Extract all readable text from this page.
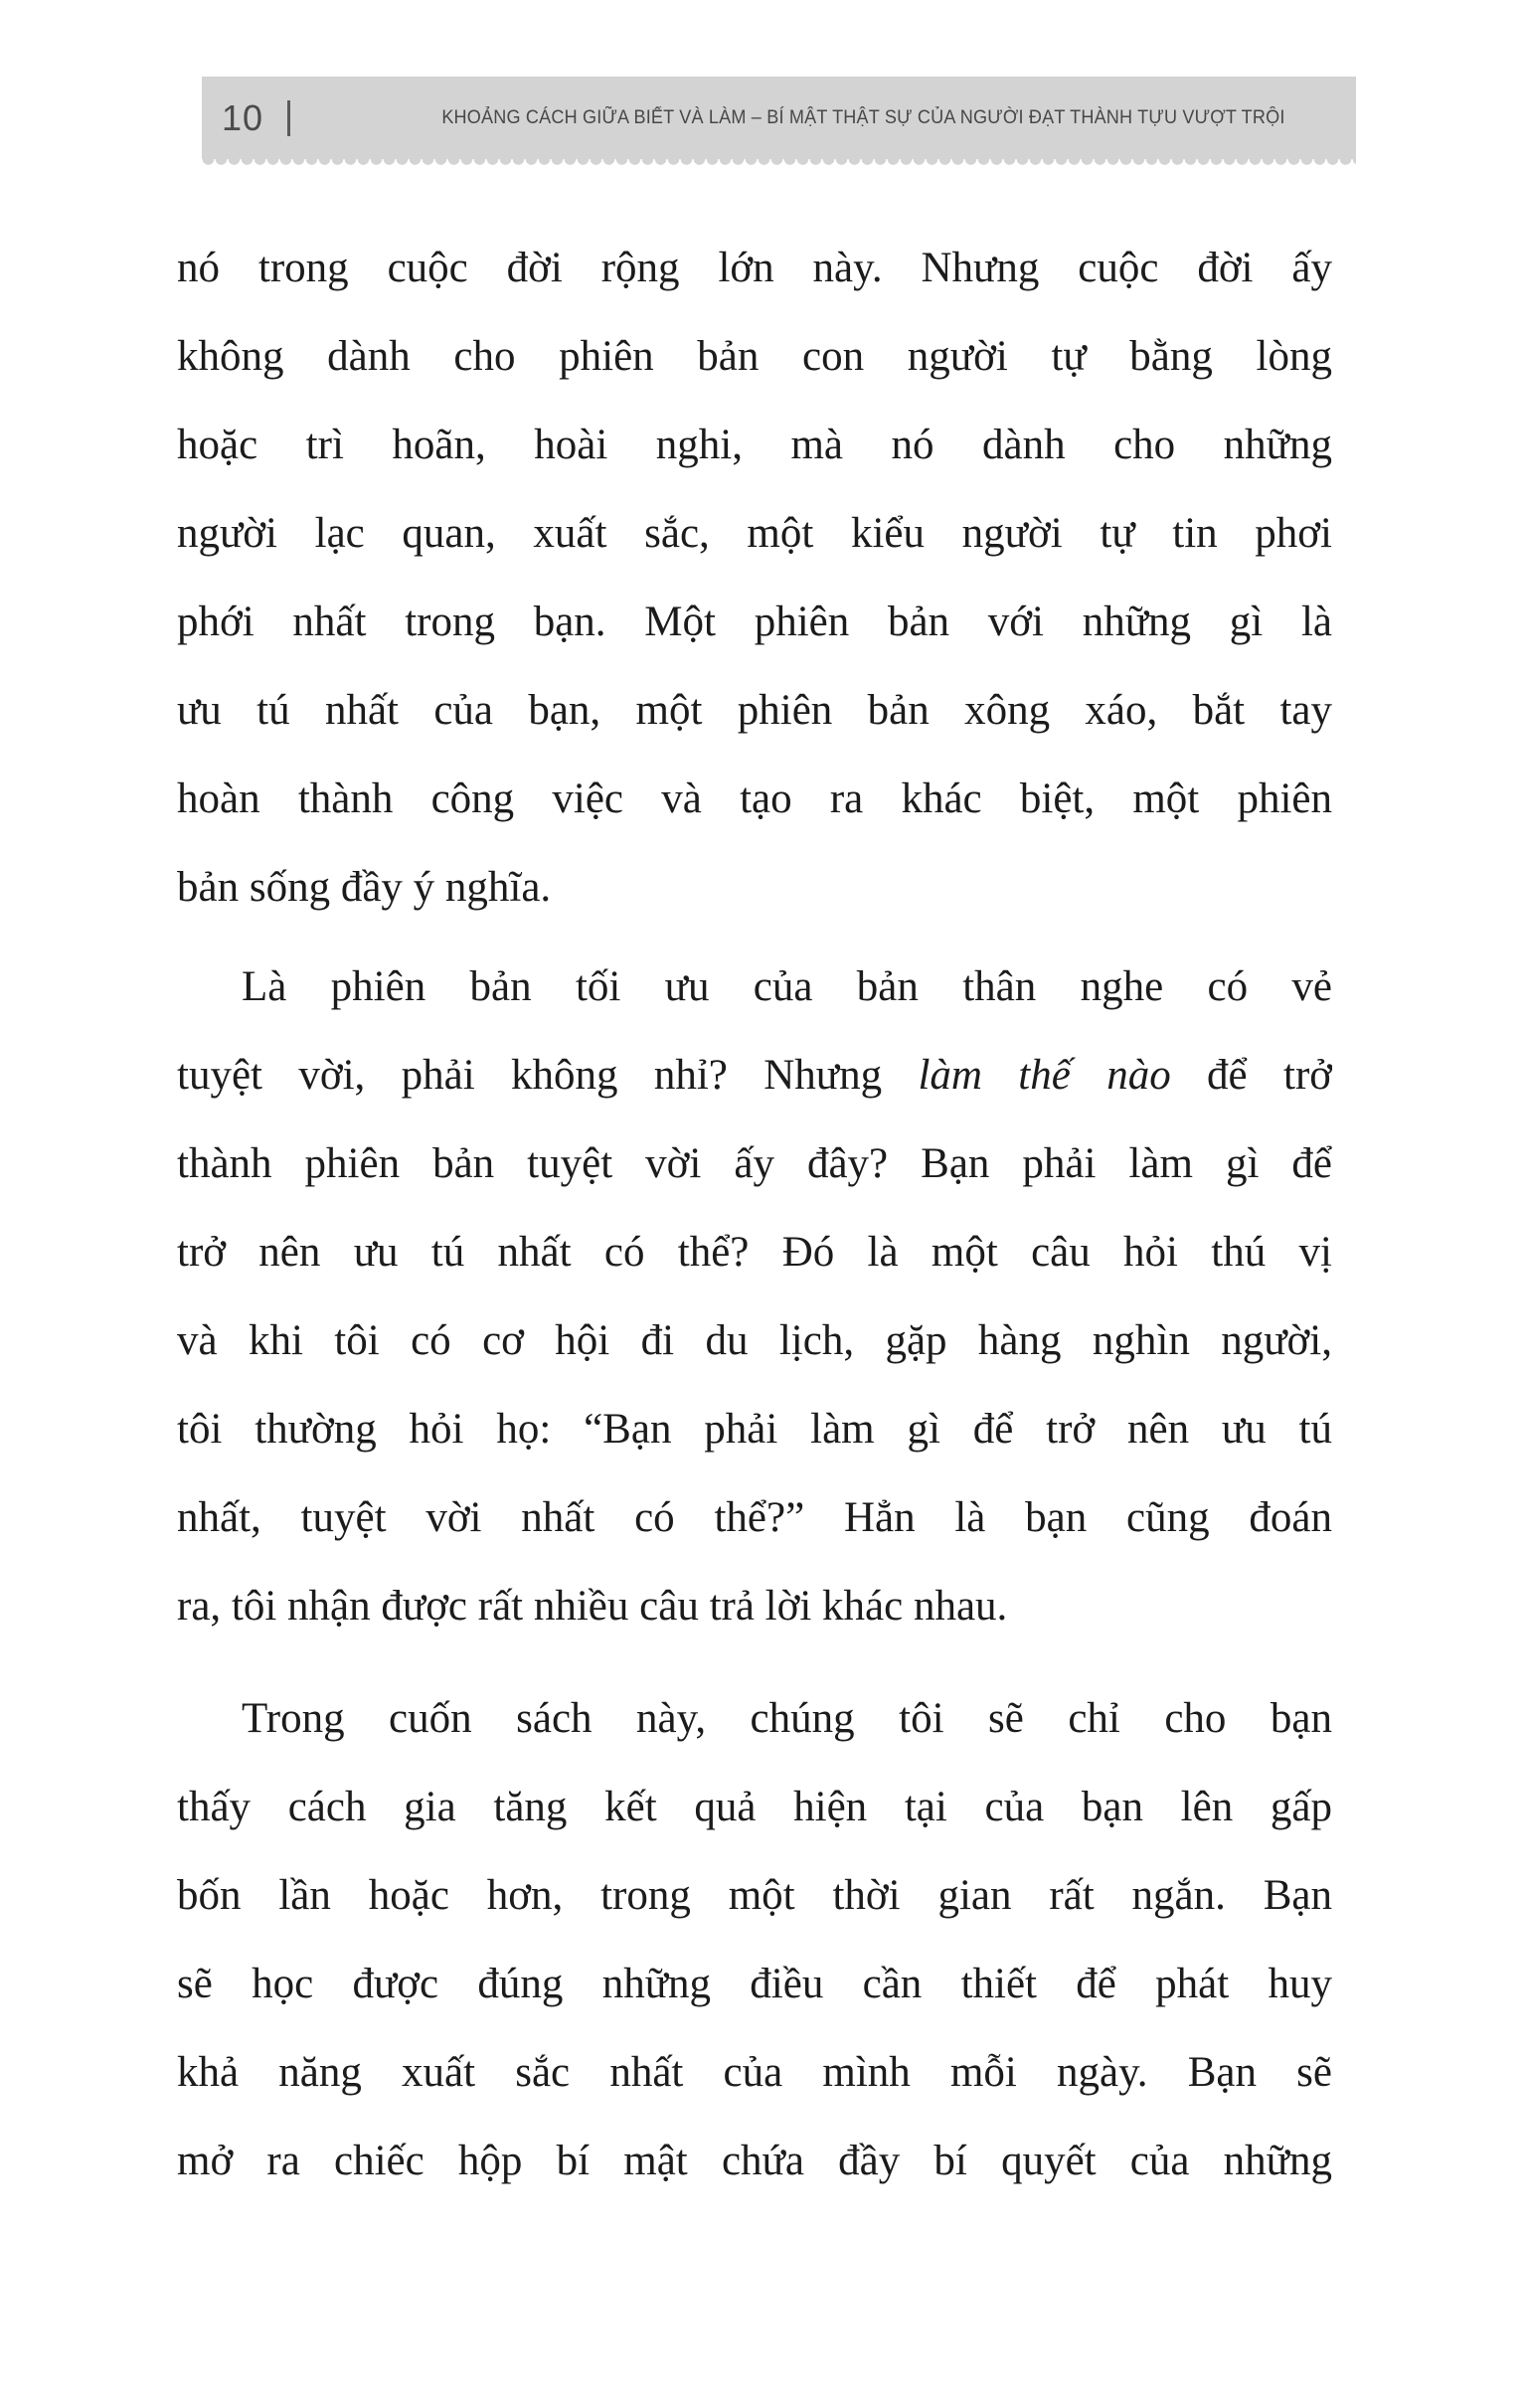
10	KHOẢNG CÁCH GIỮA BIẾT VÀ LÀM – BÍ MẬT THẬT SỰ CỦA NGƯỜI ĐẠT THÀNH TỰU VƯỢT TRỘI
nó trong cuộc đời rộng lớn này. Nhưng cuộc đời ấy
không dành cho phiên bản con người tự bằng lòng
hoặc trì hoãn, hoài nghi, mà nó dành cho những
người lạc quan, xuất sắc, một kiểu người tự tin phơi
phới nhất trong bạn. Một phiên bản với những gì là
ưu tú nhất của bạn, một phiên bản xông xáo, bắt tay
hoàn thành công việc và tạo ra khác biệt, một phiên
bản sống đầy ý nghĩa.
Là phiên bản tối ưu của bản thân nghe có vẻ
tuyệt vời, phải không nhỉ? Nhưng làm thế nào để trở
thành phiên bản tuyệt vời ấy đây? Bạn phải làm gì để
trở nên ưu tú nhất có thể? Đó là một câu hỏi thú vị
và khi tôi có cơ hội đi du lịch, gặp hàng nghìn người,
tôi thường hỏi họ: “Bạn phải làm gì để trở nên ưu tú
nhất, tuyệt vời nhất có thể?” Hẳn là bạn cũng đoán
ra, tôi nhận được rất nhiều câu trả lời khác nhau.
Trong cuốn sách này, chúng tôi sẽ chỉ cho bạn
thấy cách gia tăng kết quả hiện tại của bạn lên gấp
bốn lần hoặc hơn, trong một thời gian rất ngắn. Bạn
sẽ học được đúng những điều cần thiết để phát huy
khả năng xuất sắc nhất của mình mỗi ngày. Bạn sẽ
mở ra chiếc hộp bí mật chứa đầy bí quyết của những
